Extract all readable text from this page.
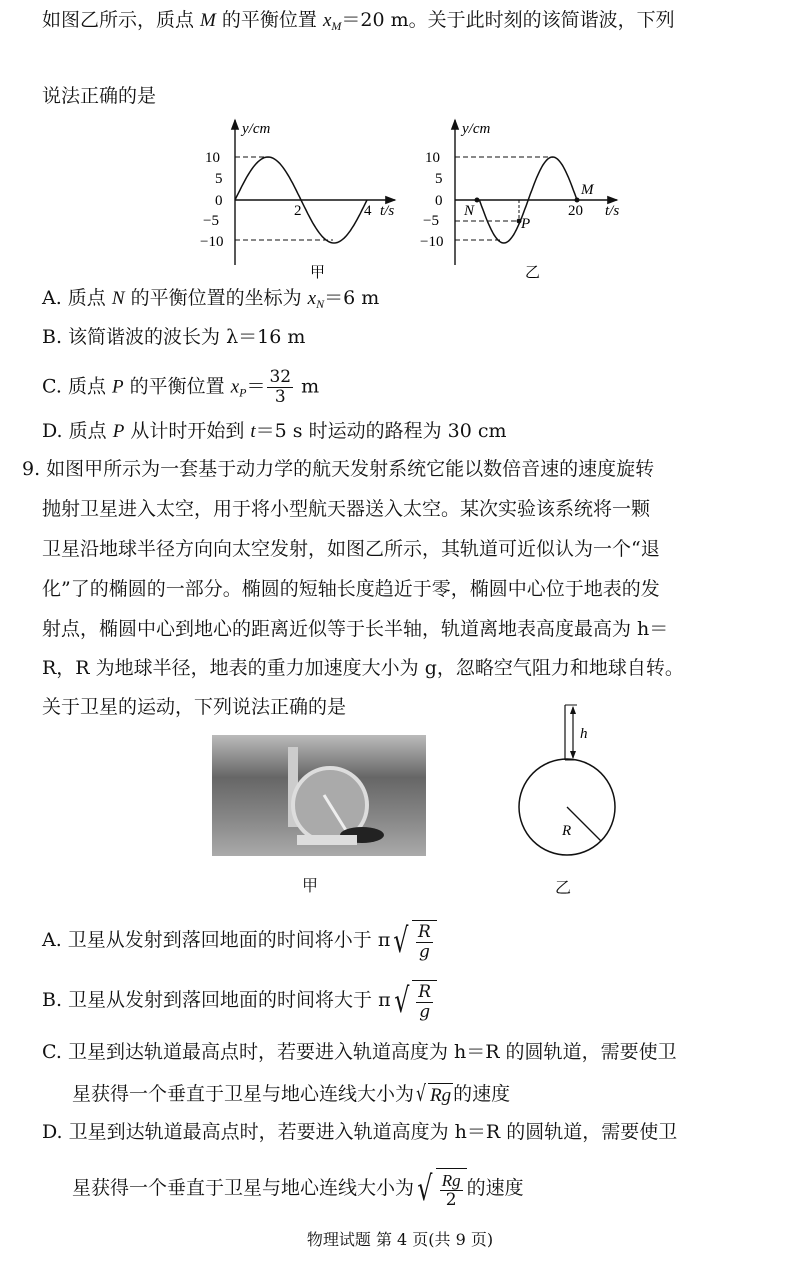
如图乙所示，质点 M 的平衡位置 $x_M=20$ m。关于此时刻的该简谐波，下列
说法正确的是
y/cm
10
5
0
−5
−10
2	4 t/s
甲
y/cm
10
5
0
−5
−10
N
P
M
20 t/s
乙
A. 质点 N 的平衡位置的坐标为 $x_N=6$ m
B. 该简谐波的波长为 λ＝16 m
C. 质点 P 的平衡位置 $x_P= \frac{32}{3}$ m
D. 质点 P 从计时开始到 t＝5 s 时运动的路程为 30 cm
9. 如图甲所示为一套基于动力学的航天发射系统它能以数倍音速的速度旋转
抛射卫星进入太空，用于将小型航天器送入太空。某次实验该系统将一颗
卫星沿地球半径方向向太空发射，如图乙所示，其轨道可近似认为一个“退
化”了的椭圆的一部分。椭圆的短轴长度趋近于零，椭圆中心位于地表的发
射点，椭圆中心到地心的距离近似等于长半轴，轨道离地表高度最高为 h＝
R，R 为地球半径，地表的重力加速度大小为 g，忽略空气阻力和地球自转。
关于卫星的运动，下列说法正确的是
甲
h
R
乙
A. 卫星从发射到落回地面的时间将小于 π √ $\frac{R}{g}$
B. 卫星从发射到落回地面的时间将大于 π √ $\frac{R}{g}$
C. 卫星到达轨道最高点时，若要进入轨道高度为 h＝R 的圆轨道，需要使卫
星获得一个垂直于卫星与地心连线大小为 √ Rg 的速度
D. 卫星到达轨道最高点时，若要进入轨道高度为 h＝R 的圆轨道，需要使卫
星获得一个垂直于卫星与地心连线大小为 √ $\frac{Rg}{2}$ 的速度
物理试题 第 4 页(共 9 页)
